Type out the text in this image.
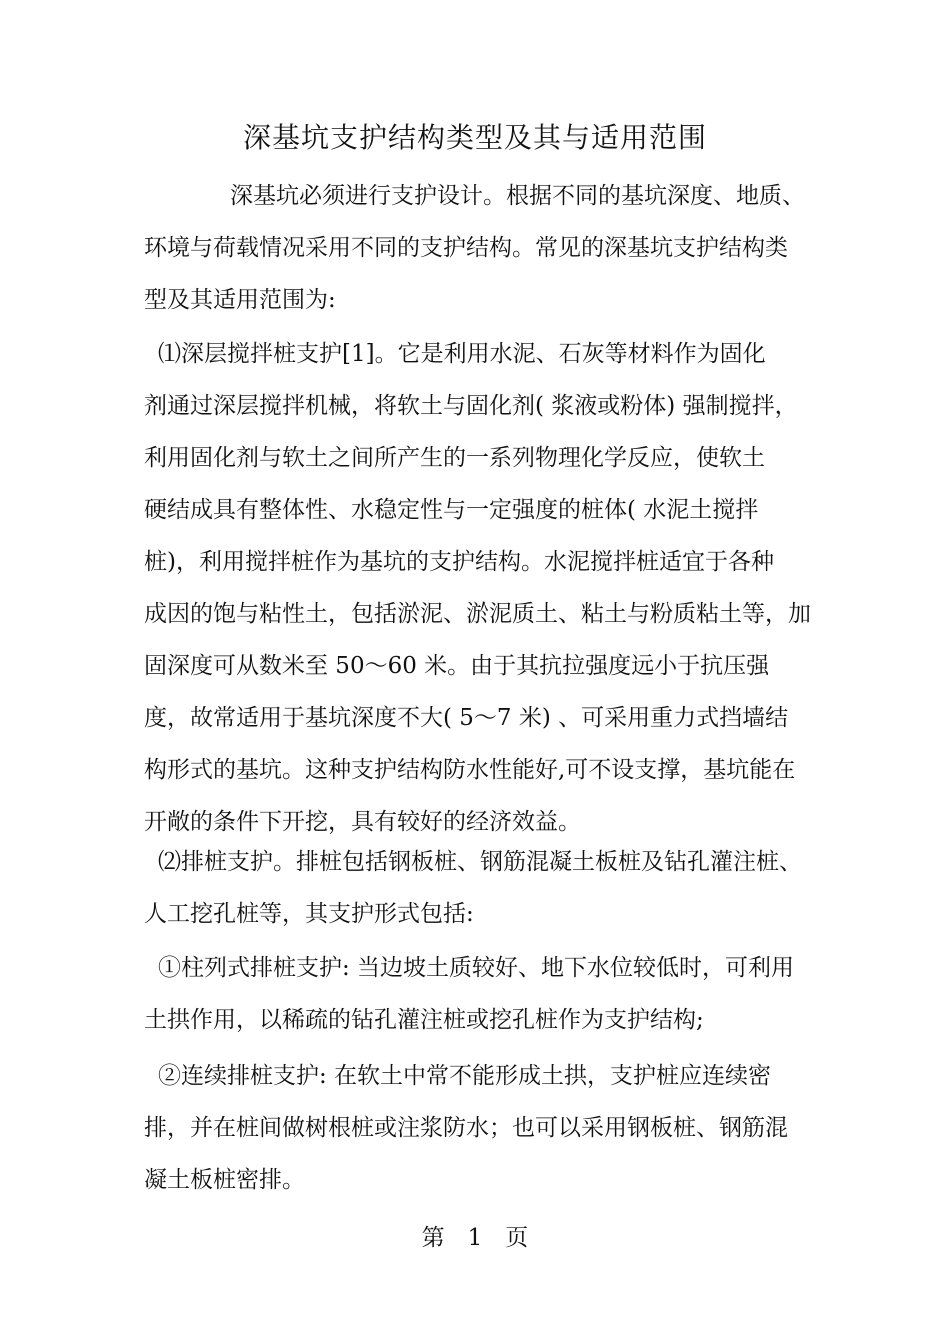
深基坑支护结构类型及其与适用范围
深基坑必须进行支护设计。根据不同的基坑深度、地质、
环境与荷载情况采用不同的支护结构。常见的深基坑支护结构类
型及其适用范围为:
⑴深层搅拌桩支护[1]。它是利用水泥、石灰等材料作为固化
剂通过深层搅拌机械，将软土与固化剂( 浆液或粉体) 强制搅拌，
利用固化剂与软土之间所产生的一系列物理化学反应，使软土
硬结成具有整体性、水稳定性与一定强度的桩体( 水泥土搅拌
桩)，利用搅拌桩作为基坑的支护结构。水泥搅拌桩适宜于各种
成因的饱与粘性土，包括淤泥、淤泥质土、粘土与粉质粘土等，加
固深度可从数米至 50～60 米。由于其抗拉强度远小于抗压强
度，故常适用于基坑深度不大( 5～7 米) 、可采用重力式挡墙结
构形式的基坑。这种支护结构防水性能好,可不设支撑，基坑能在
开敞的条件下开挖，具有较好的经济效益。
⑵排桩支护。排桩包括钢板桩、钢筋混凝土板桩及钻孔灌注桩、
人工挖孔桩等，其支护形式包括:
①柱列式排桩支护: 当边坡土质较好、地下水位较低时，可利用
土拱作用，以稀疏的钻孔灌注桩或挖孔桩作为支护结构;
②连续排桩支护: 在软土中常不能形成土拱，支护桩应连续密
排，并在桩间做树根桩或注浆防水；也可以采用钢板桩、钢筋混
凝土板桩密排。
第　1　页
